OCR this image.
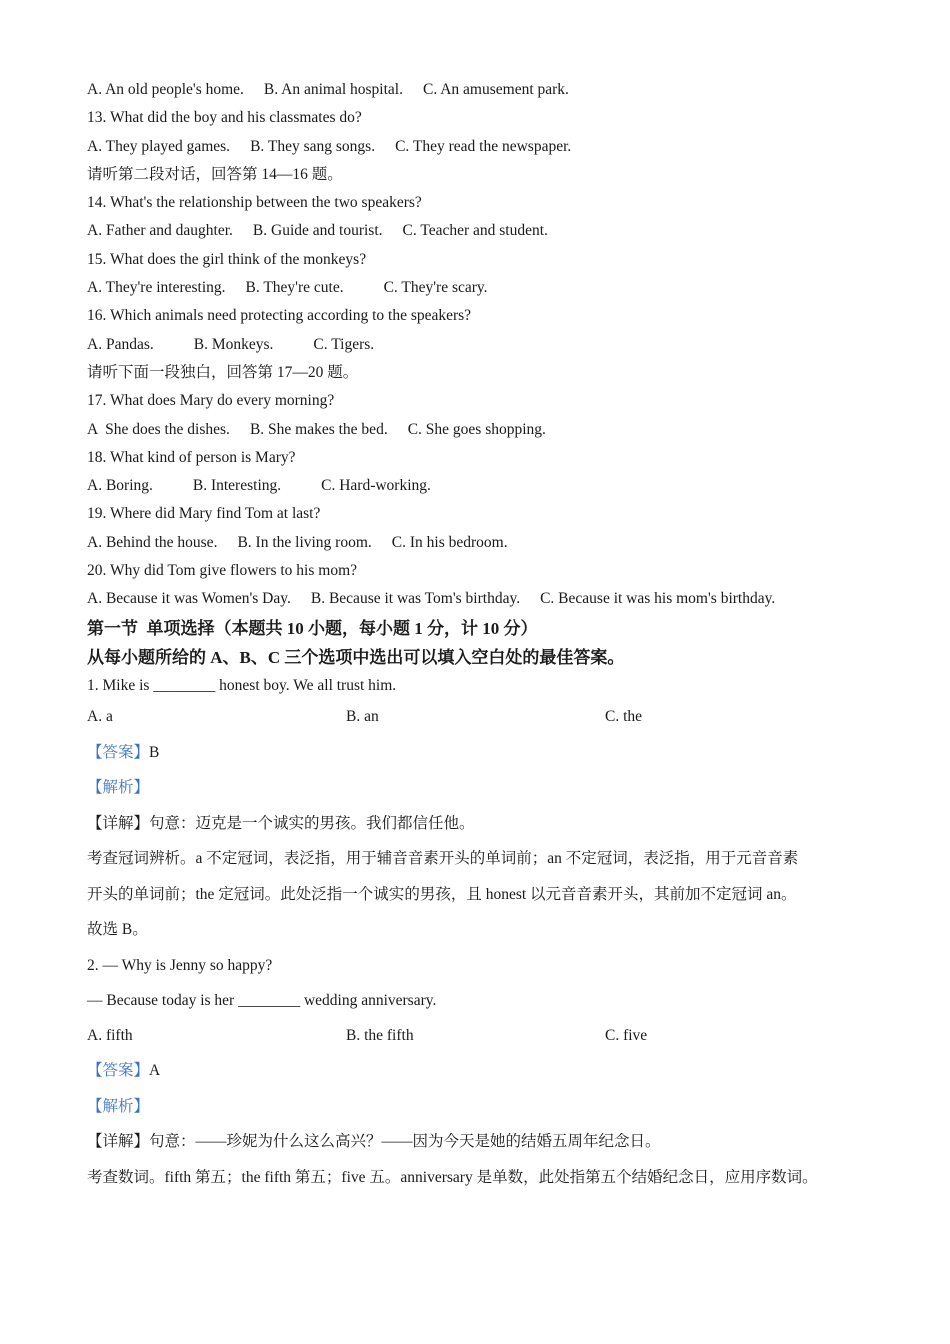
A. An old people's home. B. An animal hospital. C. An amusement park.
13. What did the boy and his classmates do?
A. They played games. B. They sang songs. C. They read the newspaper.
请听第二段对话，回答第 14—16 题。
14. What's the relationship between the two speakers?
A. Father and daughter. B. Guide and tourist. C. Teacher and student.
15. What does the girl think of the monkeys?
A. They're interesting. B. They're cute.	C. They're scary.
16. Which animals need protecting according to the speakers?
A. Pandas.	B. Monkeys.	C. Tigers.
请听下面一段独白，回答第 17—20 题。
17. What does Mary do every morning?
A  She does the dishes. B. She makes the bed. C. She goes shopping.
18. What kind of person is Mary?
A. Boring.	B. Interesting.	C. Hard-working.
19. Where did Mary find Tom at last?
A. Behind the house. B. In the living room. C. In his bedroom.
20. Why did Tom give flowers to his mom?
A. Because it was Women's Day. B. Because it was Tom's birthday. C. Because it was his mom's birthday.
第一节  单项选择（本题共 10 小题，每小题 1 分，计 10 分）
从每小题所给的 A、B、C 三个选项中选出可以填入空白处的最佳答案。
1. Mike is ________ honest boy. We all trust him.
A. a	B. an	C. the
【答案】B
【解析】
【详解】句意：迈克是一个诚实的男孩。我们都信任他。
考查冠词辨析。a 不定冠词，表泛指，用于辅音音素开头的单词前；an 不定冠词，表泛指，用于元音音素
开头的单词前；the 定冠词。此处泛指一个诚实的男孩，且 honest 以元音音素开头，其前加不定冠词 an。
故选 B。
2. — Why is Jenny so happy?
— Because today is her ________ wedding anniversary.
A. fifth	B. the fifth	C. five
【答案】A
【解析】
【详解】句意：——珍妮为什么这么高兴？——因为今天是她的结婚五周年纪念日。
考查数词。fifth 第五；the fifth 第五；five 五。anniversary 是单数，此处指第五个结婚纪念日，应用序数词。
